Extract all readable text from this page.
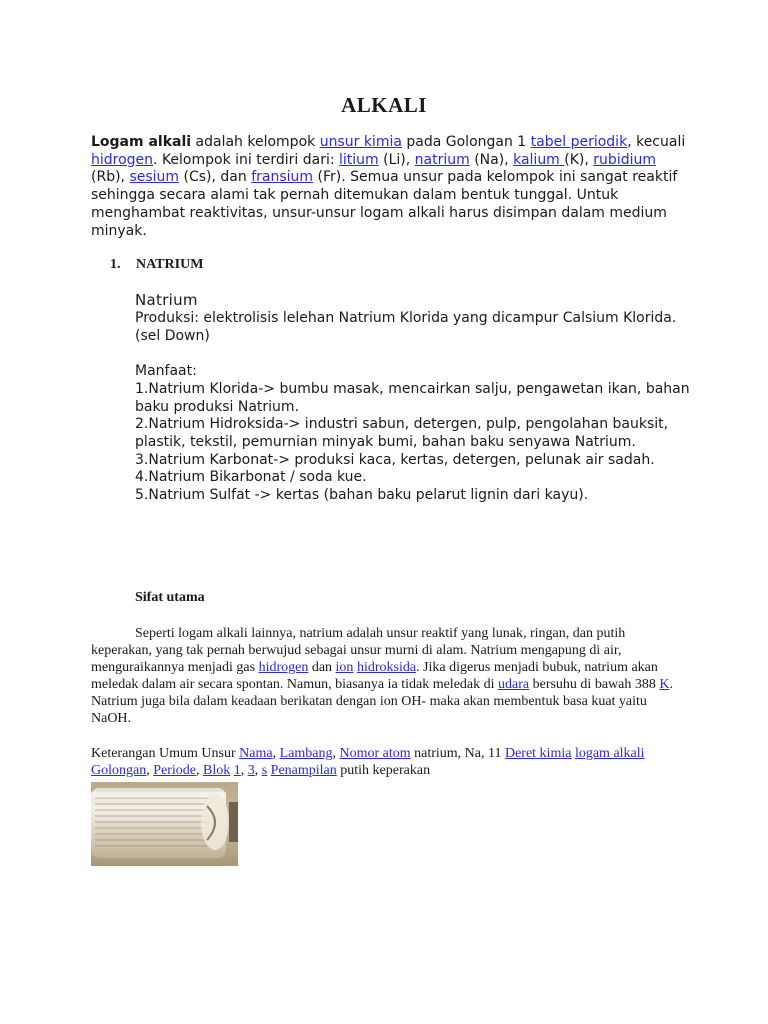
ALKALI

Logam alkali adalah kelompok unsur kimia pada Golongan 1 tabel periodik, kecuali hidrogen. Kelompok ini terdiri dari: litium (Li), natrium (Na), kalium (K), rubidium (Rb), sesium (Cs), dan fransium (Fr). Semua unsur pada kelompok ini sangat reaktif sehingga secara alami tak pernah ditemukan dalam bentuk tunggal. Untuk menghambat reaktivitas, unsur-unsur logam alkali harus disimpan dalam medium minyak.

1. NATRIUM

Natrium

Produksi: elektrolisis lelehan Natrium Klorida yang dicampur Calsium Klorida. (sel Down)

Manfaat:

1.Natrium Klorida-> bumbu masak, mencairkan salju, pengawetan ikan, bahan baku produksi Natrium.

2.Natrium Hidroksida-> industri sabun, detergen, pulp, pengolahan bauksit, plastik, tekstil, pemurnian minyak bumi, bahan baku senyawa Natrium.

3.Natrium Karbonat-> produksi kaca, kertas, detergen, pelunak air sadah.

4.Natrium Bikarbonat / soda kue.

5.Natrium Sulfat -> kertas (bahan baku pelarut lignin dari kayu).

Sifat utama

Seperti logam alkali lainnya, natrium adalah unsur reaktif yang lunak, ringan, dan putih keperakan, yang tak pernah berwujud sebagai unsur murni di alam. Natrium mengapung di air, menguraikannya menjadi gas hidrogen dan ion hidroksida. Jika digerus menjadi bubuk, natrium akan meledak dalam air secara spontan. Namun, biasanya ia tidak meledak di udara bersuhu di bawah 388 K. Natrium juga bila dalam keadaan berikatan dengan ion OH- maka akan membentuk basa kuat yaitu NaOH.

Keterangan Umum Unsur Nama, Lambang, Nomor atom natrium, Na, 11 Deret kimia logam alkali Golongan, Periode, Blok 1, 3, s Penampilan putih keperakan
